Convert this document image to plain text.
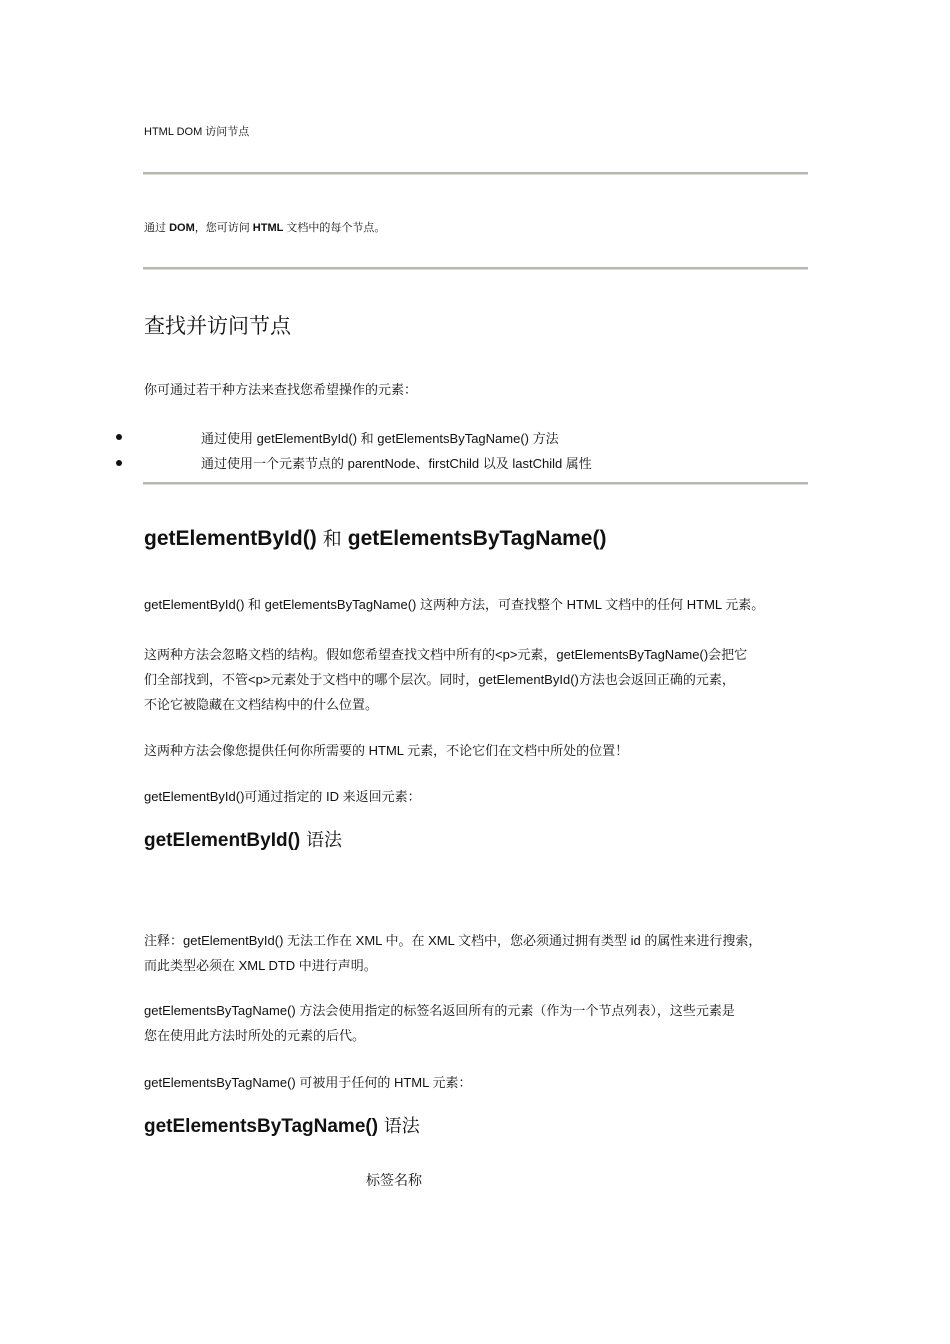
HTML DOM 访问节点

通过 DOM，您可访问 HTML 文档中的每个节点。

查找并访问节点

你可通过若干种方法来查找您希望操作的元素：

通过使用 getElementById() 和 getElementsByTagName() 方法

通过使用一个元素节点的 parentNode、firstChild 以及 lastChild 属性

getElementById() 和 getElementsByTagName()

getElementById() 和 getElementsByTagName() 这两种方法，可查找整个 HTML 文档中的任何 HTML 元素。

这两种方法会忽略文档的结构。假如您希望查找文档中所有的<p>元素，getElementsByTagName()会把它
们全部找到，不管<p>元素处于文档中的哪个层次。同时，getElementById()方法也会返回正确的元素，
不论它被隐藏在文档结构中的什么位置。

这两种方法会像您提供任何你所需要的 HTML 元素，不论它们在文档中所处的位置！

getElementById()可通过指定的 ID 来返回元素：

getElementById() 语法
注释：getElementById() 无法工作在 XML 中。在 XML 文档中，您必须通过拥有类型 id 的属性来进行搜索，
而此类型必须在 XML DTD 中进行声明。
getElementsByTagName() 方法会使用指定的标签名返回所有的元素（作为一个节点列表），这些元素是
您在使用此方法时所处的元素的后代。

getElementsByTagName() 可被用于任何的 HTML 元素：

getElementsByTagName() 语法

标签名称
